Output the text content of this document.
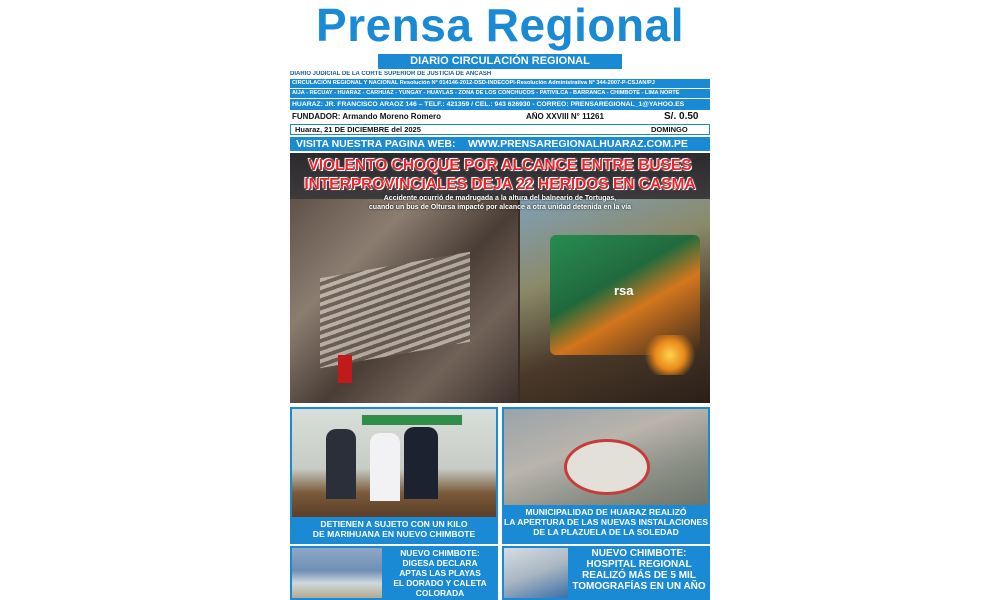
Prensa Regional
DIARIO CIRCULACIÓN REGIONAL
DIARIO JUDICIAL DE LA CORTE SUPERIOR DE JUSTICIA DE ANCASH
CIRCULACIÓN REGIONAL Y NACIONAL Resolución N° 014146-2012-DSD-INDECOPI-Resolución Administrativa N° 344-2007-P-CSJAN/PJ
AIJA - RECUAY - HUARAZ - CARHUAZ - YUNGAY - HUAYLAS - ZONA DE LOS CONCHUCOS - PATIVILCA - BARRANCA - CHIMBOTE - LIMA NORTE
HUARAZ: JR. FRANCISCO ARAOZ 146 – TELF.: 421359 / CEL.: 943 626930 - CORREO: PRENSAREGIONAL_1@YAHOO.ES
FUNDADOR: Armando Moreno Romero	AÑO XXVIII N° 11261	S/. 0.50
Huaraz, 21 DE DICIEMBRE del 2025	DOMINGO
VISITA NUESTRA PAGINA WEB: WWW.PRENSAREGIONALHUARAZ.COM.PE
rsa
VIOLENTO CHOQUE POR ALCANCE ENTRE BUSES
INTERPROVINCIALES DEJA 22 HERIDOS EN CASMA
Accidente ocurrió de madrugada a la altura del balneario de Tortugas,
cuando un bus de Oltursa impactó por alcance a otra unidad detenida en la vía
DETIENEN A SUJETO CON UN KILO
DE MARIHUANA EN NUEVO CHIMBOTE
MUNICIPALIDAD DE HUARAZ REALIZÓ
LA APERTURA DE LAS NUEVAS INSTALACIONES
DE LA PLAZUELA DE LA SOLEDAD
NUEVO CHIMBOTE:
DIGESA DECLARA
APTAS LAS PLAYAS
EL DORADO Y CALETA
COLORADA
NUEVO CHIMBOTE:
HOSPITAL REGIONAL
REALIZÓ MÁS DE 5 MIL
TOMOGRAFÍAS EN UN AÑO
